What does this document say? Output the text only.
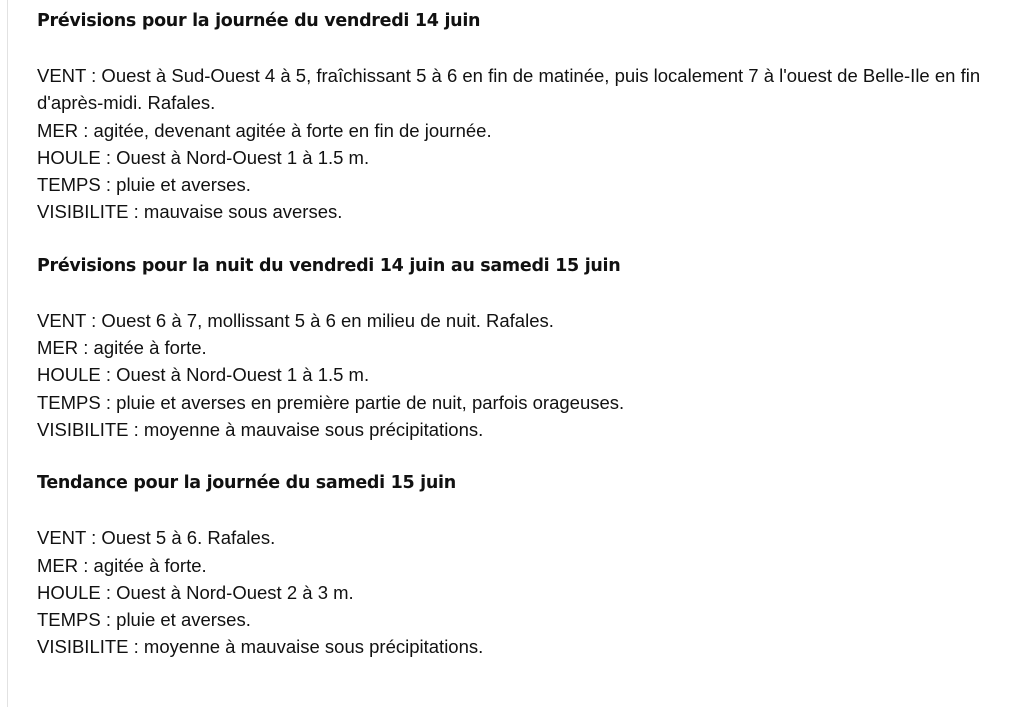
Prévisions pour la journée du vendredi 14 juin
VENT : Ouest à Sud-Ouest 4 à 5, fraîchissant 5 à 6 en fin de matinée, puis localement 7 à l'ouest de Belle-Ile en fin d'après-midi. Rafales.
MER : agitée, devenant agitée à forte en fin de journée.
HOULE : Ouest à Nord-Ouest 1 à 1.5 m.
TEMPS : pluie et averses.
VISIBILITE : mauvaise sous averses.
Prévisions pour la nuit du vendredi 14 juin au samedi 15 juin
VENT : Ouest 6 à 7, mollissant 5 à 6 en milieu de nuit. Rafales.
MER : agitée à forte.
HOULE : Ouest à Nord-Ouest 1 à 1.5 m.
TEMPS : pluie et averses en première partie de nuit, parfois orageuses.
VISIBILITE : moyenne à mauvaise sous précipitations.
Tendance pour la journée du samedi 15 juin
VENT : Ouest 5 à 6. Rafales.
MER : agitée à forte.
HOULE : Ouest à Nord-Ouest 2 à 3 m.
TEMPS : pluie et averses.
VISIBILITE : moyenne à mauvaise sous précipitations.
